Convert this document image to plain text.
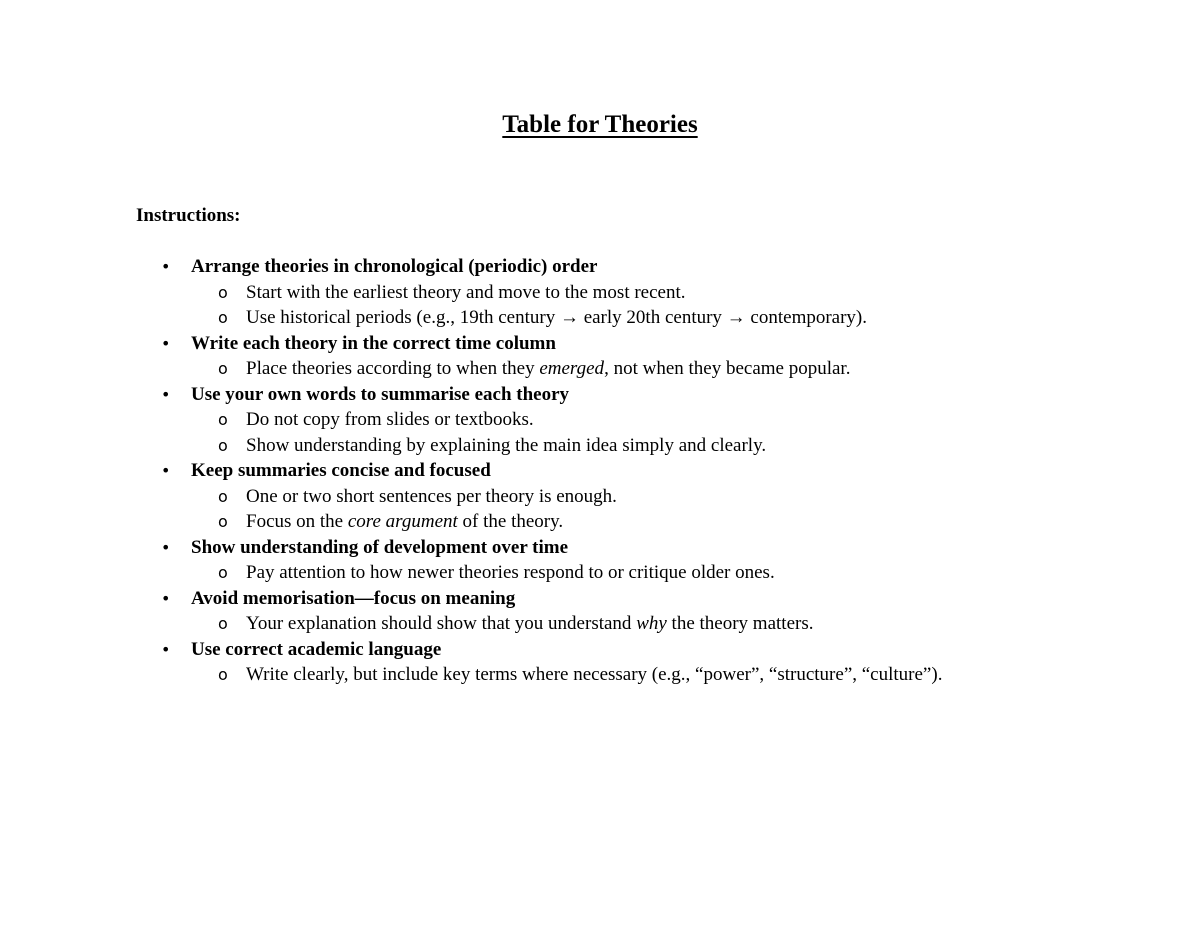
Table for Theories
Instructions:
• Arrange theories in chronological (periodic) order
o Start with the earliest theory and move to the most recent.
o Use historical periods (e.g., 19th century → early 20th century → contemporary).
• Write each theory in the correct time column
o Place theories according to when they emerged, not when they became popular.
• Use your own words to summarise each theory
o Do not copy from slides or textbooks.
o Show understanding by explaining the main idea simply and clearly.
• Keep summaries concise and focused
o One or two short sentences per theory is enough.
o Focus on the core argument of the theory.
• Show understanding of development over time
o Pay attention to how newer theories respond to or critique older ones.
• Avoid memorisation—focus on meaning
o Your explanation should show that you understand why the theory matters.
• Use correct academic language
o Write clearly, but include key terms where necessary (e.g., “power”, “structure”, “culture”).
